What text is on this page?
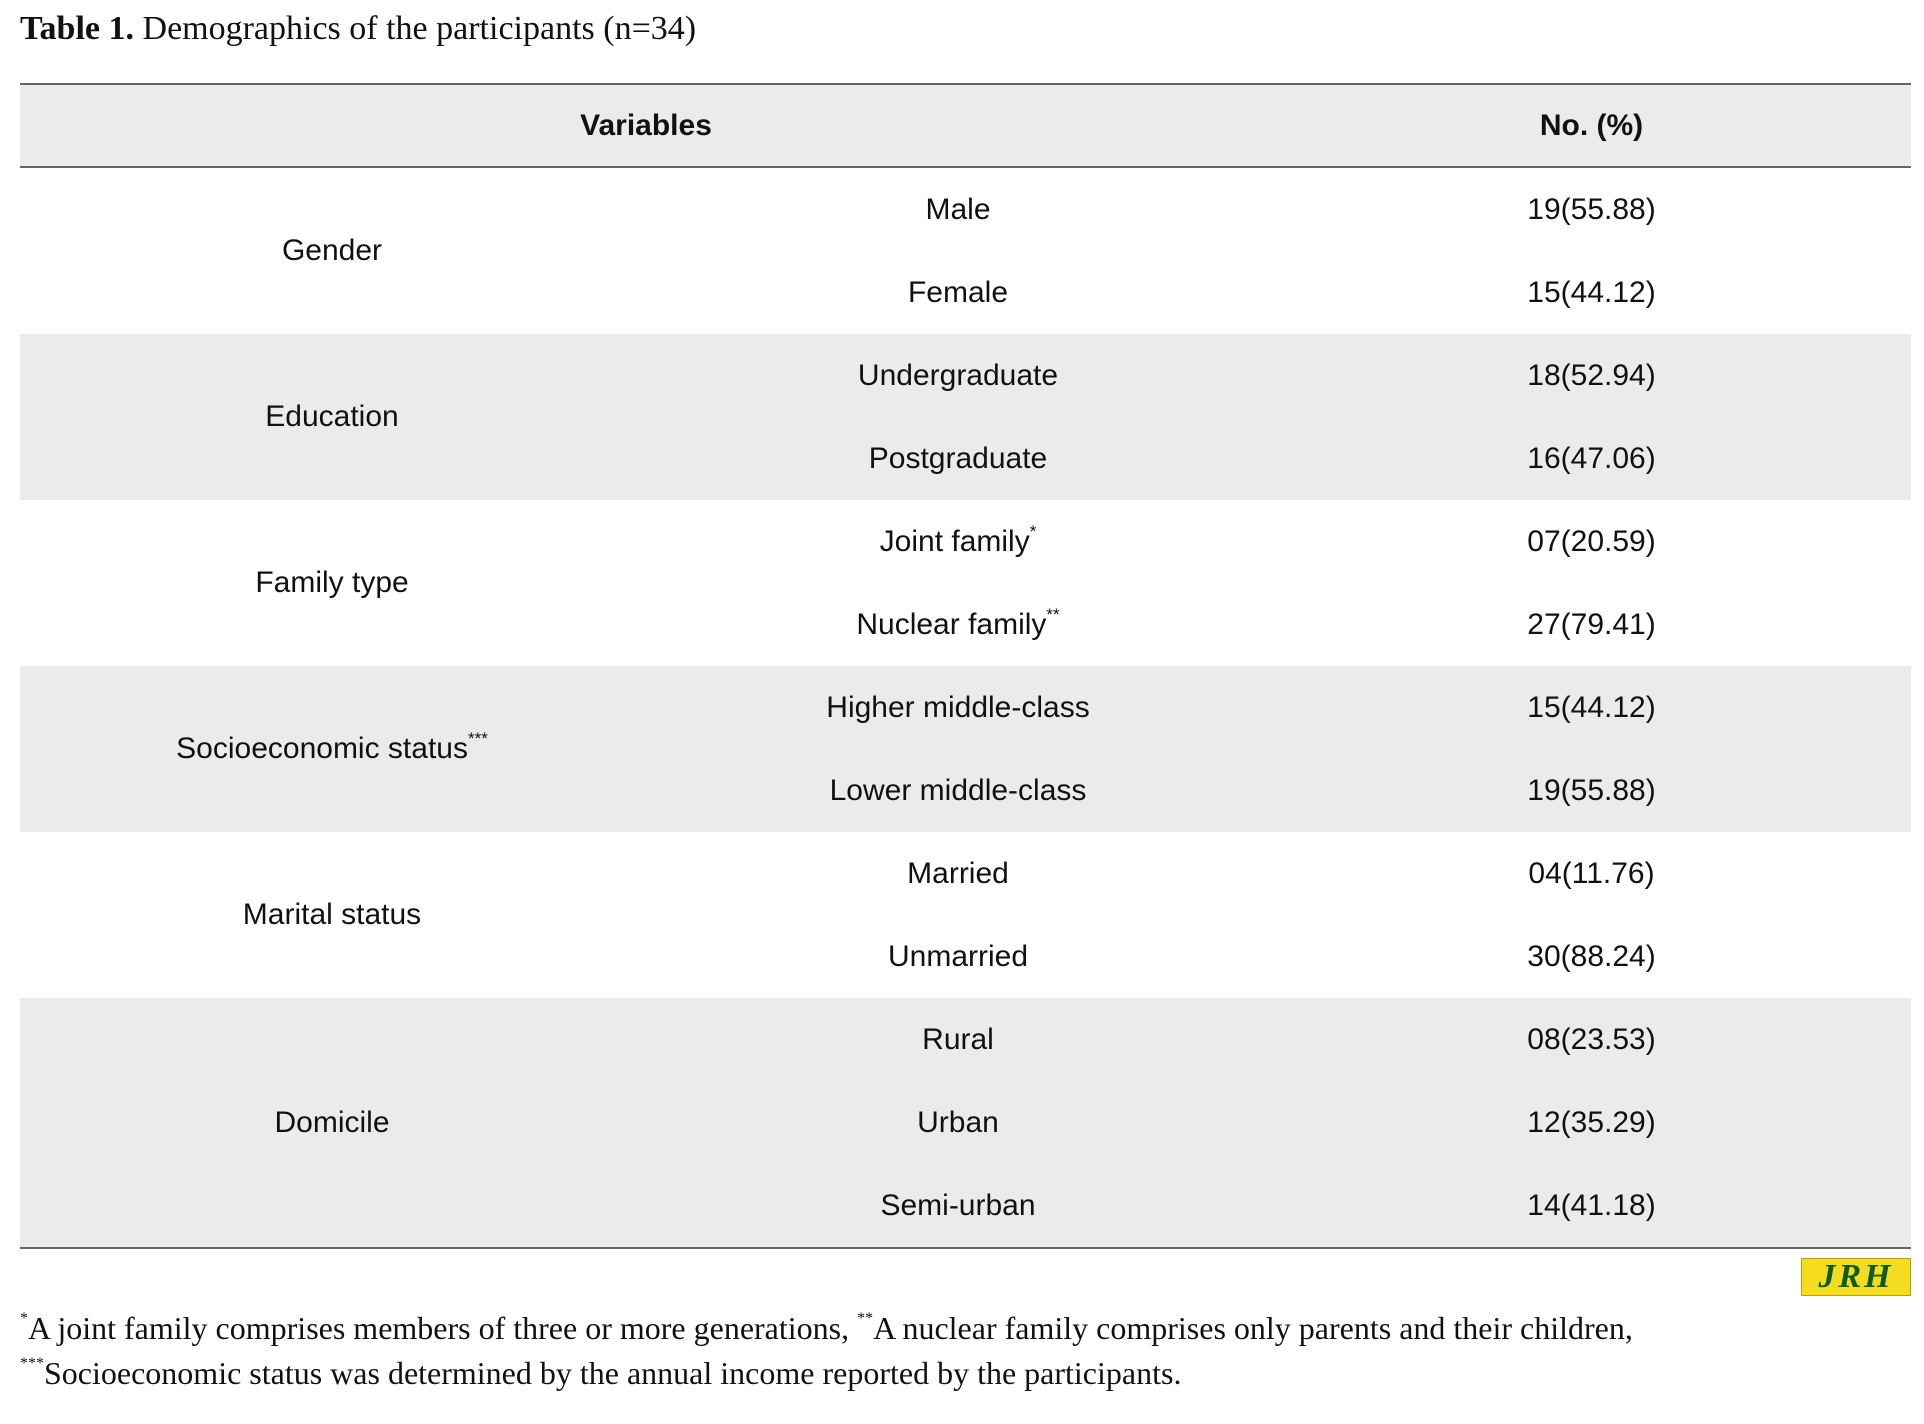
Table 1. Demographics of the participants (n=34)
Variables		No. (%)
Gender	Male	19(55.88)
	Female	15(44.12)
Education	Undergraduate	18(52.94)
	Postgraduate	16(47.06)
Family type	Joint family*	07(20.59)
	Nuclear family**	27(79.41)
Socioeconomic status***	Higher middle-class	15(44.12)
	Lower middle-class	19(55.88)
Marital status	Married	04(11.76)
	Unmarried	30(88.24)
Domicile	Rural	08(23.53)
	Urban	12(35.29)
	Semi-urban	14(41.18)
JRH
*A joint family comprises members of three or more generations, **A nuclear family comprises only parents and their children,
***Socioeconomic status was determined by the annual income reported by the participants.
